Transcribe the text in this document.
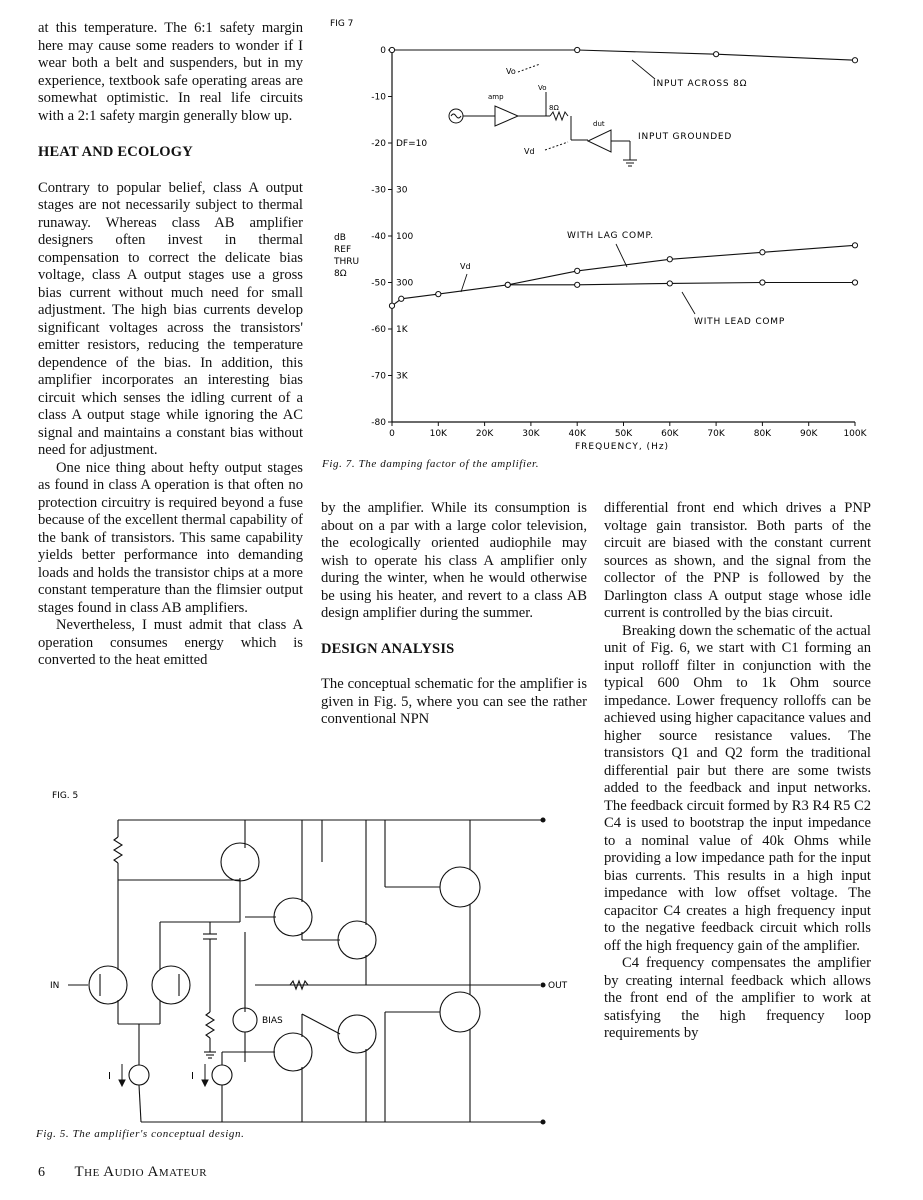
at this temperature. The 6:1 safety margin here may cause some readers to wonder if I wear both a belt and suspenders, but in my experience, textbook safe operating areas are somewhat optimistic. In real life circuits with a 2:1 safety margin generally blow up.

HEAT AND ECOLOGY

Contrary to popular belief, class A output stages are not necessarily subject to thermal runaway. Whereas class AB amplifier designers often invest in thermal compensation to correct the delicate bias voltage, class A output stages use a gross bias current without much need for small adjustment. The high bias currents develop significant voltages across the transistors' emitter resistors, reducing the temperature dependence of the bias. In addition, this amplifier incorporates an interesting bias circuit which senses the idling current of a class A output stage while ignoring the AC signal and maintains a constant bias without need for adjustment.

One nice thing about hefty output stages as found in class A operation is that often no protection circuitry is required beyond a fuse because of the excellent thermal capability of the bank of transistors. This same capability yields better performance into demanding loads and holds the transistor chips at a more constant temperature than the flimsier output stages found in class AB amplifiers.

Nevertheless, I must admit that class A operation consumes energy which is converted to the heat emitted

by the amplifier. While its consumption is about on a par with a large color television, the ecologically oriented audiophile may wish to operate his class A amplifier only during the winter, when he would otherwise be using his heater, and revert to a class AB design amplifier during the summer.

DESIGN ANALYSIS

The conceptual schematic for the amplifier is given in Fig. 5, where you can see the rather conventional NPN

differential front end which drives a PNP voltage gain transistor. Both parts of the circuit are biased with the constant current sources as shown, and the signal from the collector of the PNP is followed by the Darlington class A output stage whose idle current is controlled by the bias circuit.

Breaking down the schematic of the actual unit of Fig. 6, we start with C1 forming an input rolloff filter in conjunction with the typical 600 Ohm to 1k Ohm source impedance. Lower frequency rolloffs can be achieved using higher capacitance values and higher source resistance values. The transistors Q1 and Q2 form the traditional differential pair but there are some twists added to the feedback and input networks. The feedback circuit formed by R3 R4 R5 C2 C4 is used to bootstrap the input impedance to a nominal value of 40k Ohms while providing a low impedance path for the input bias currents. This results in a high input impedance with low offset voltage. The capacitor C4 creates a high frequency input to the negative feedback circuit which rolls off the high frequency gain of the amplifier.

C4 frequency compensates the amplifier by creating internal feedback which allows the front end of the amplifier to work at satisfying the high frequency loop requirements by

FIG 7
0
-10
-20
-30
-40
-50
-60
-70
-80
DF=10
30
100
300
1K
3K
0	10K	20K	30K	40K	50K	60K	70K	80K	90K	100K
dB
REF
THRU
8Ω
FREQUENCY, (Hz)
INPUT ACROSS 8Ω
INPUT GROUNDED
WITH LAG COMP.
WITH LEAD COMP
Vd
amp
Vo
8Ω
dut
Vo
Vd
Fig. 7. The damping factor of the amplifier.
FIG. 5
IN	OUT
BIAS
I	I
Fig. 5. The amplifier's conceptual design.
6 The Audio Amateur
